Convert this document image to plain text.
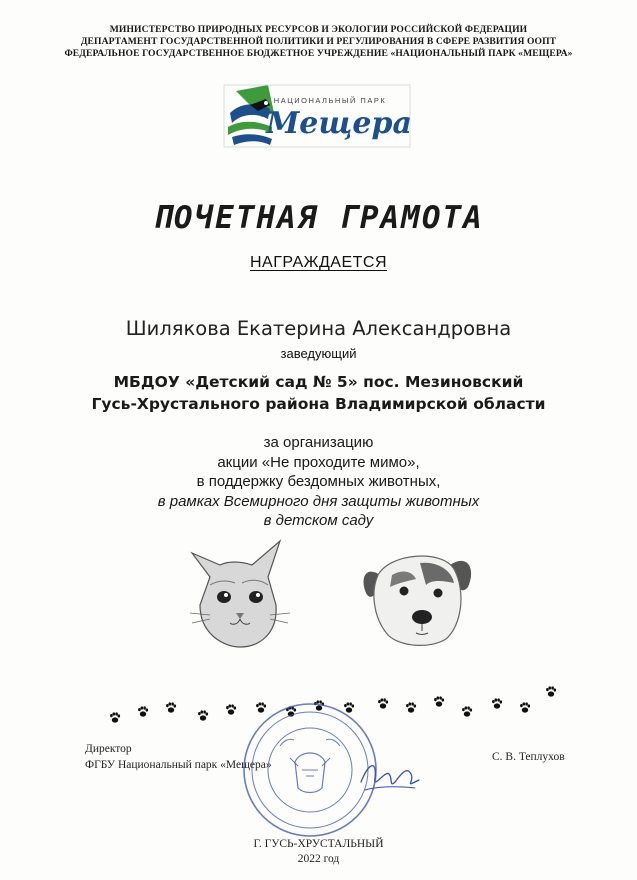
МИНИСТЕРСТВО ПРИРОДНЫХ РЕСУРСОВ И ЭКОЛОГИИ РОССИЙСКОЙ ФЕДЕРАЦИИ
ДЕПАРТАМЕНТ ГОСУДАРСТВЕННОЙ ПОЛИТИКИ И РЕГУЛИРОВАНИЯ В СФЕРЕ РАЗВИТИЯ ООПТ
ФЕДЕРАЛЬНОЕ ГОСУДАРСТВЕННОЕ БЮДЖЕТНОЕ УЧРЕЖДЕНИЕ «НАЦИОНАЛЬНЫЙ ПАРК «МЕЩЕРА»
НАЦИОНАЛЬНЫЙ ПАРК
Мещера
ПОЧЕТНАЯ ГРАМОТА
НАГРАЖДАЕТСЯ
Шилякова Екатерина Александровна
заведующий
МБДОУ «Детский сад № 5» пос. Мезиновский
Гусь-Хрустального района Владимирской области
за организацию
акции «Не проходите мимо»,
в поддержку бездомных животных,
в рамках Всемирного дня защиты животных
в детском саду
Директор
ФГБУ Национальный парк «Мещера»
С. В. Теплухов
Г. ГУСЬ-ХРУСТАЛЬНЫЙ
2022 год
